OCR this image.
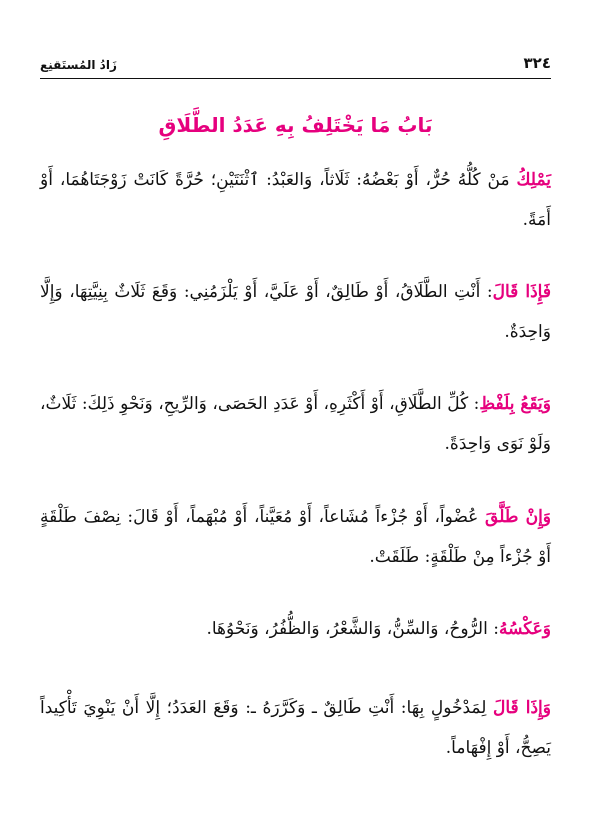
٣٢٤
زَادُ المُستَقنِع
بَابُ مَا يَخْتَلِفُ بِهِ عَدَدُ الطَّلَاقِ
يَمْلِكُ مَنْ كُلُّهُ حُرٌّ، أَوْ بَعْضُهُ: ثَلَاثاً، وَالعَبْدُ: ٱثْنَتَيْنِ؛ حُرَّةً كَانَتْ زَوْجَتَاهُمَا، أَوْ أَمَةً.
فَإِذَا قَالَ: أَنْتِ الطَّلَاقُ، أَوْ طَالِقٌ، أَوْ عَلَيَّ، أَوْ يَلْزَمُنِي: وَقَعَ ثَلَاثٌ بِنِيَّتِهَا، وَإِلَّا وَاحِدَةٌ.
وَيَقَعُ بِلَفْظِ: كُلِّ الطَّلَاقِ، أَوْ أَكْثَرِهِ، أَوْ عَدَدِ الحَصَى، وَالرِّيحِ، وَنَحْوِ ذَلِكَ: ثَلَاثٌ، وَلَوْ نَوَى وَاحِدَةً.
وَإِنْ طَلَّقَ عُضْواً، أَوْ جُزْءاً مُشَاعاً، أَوْ مُعَيَّناً، أَوْ مُبْهَماً، أَوْ قَالَ: نِصْفَ طَلْقَةٍ أَوْ جُزْءاً مِنْ طَلْقَةٍ: طَلَقَتْ.
وَعَكْسُهُ: الرُّوحُ، وَالسِّنُّ، وَالشَّعْرُ، وَالظُّفُرُ، وَنَحْوُهَا.
وَإِذَا قَالَ لِمَدْخُولٍ بِهَا: أَنْتِ طَالِقٌ ـ وَكَرَّرَهُ ـ: وَقَعَ العَدَدُ؛ إِلَّا أَنْ يَنْوِيَ تَأْكِيداً يَصِحُّ، أَوْ إِفْهَاماً.
